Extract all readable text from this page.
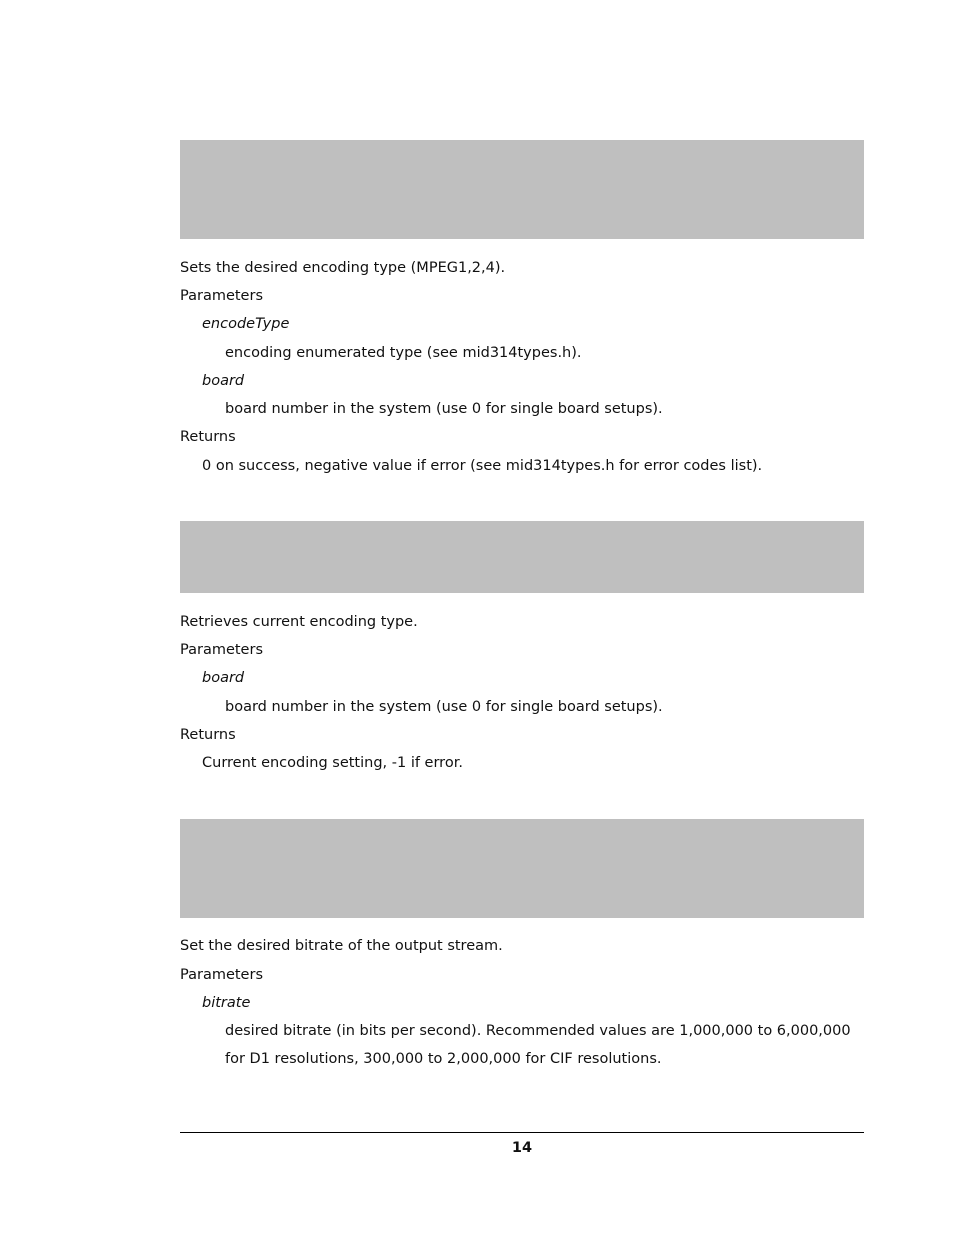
Sets the desired encoding type (MPEG1,2,4).
Parameters
encodeType
encoding enumerated type (see mid314types.h).
board
board number in the system (use 0 for single board setups).
Returns
0 on success, negative value if error (see mid314types.h for error codes list).
Retrieves current encoding type.
Parameters
board
board number in the system (use 0 for single board setups).
Returns
Current encoding setting, -1 if error.
Set the desired bitrate of the output stream.
Parameters
bitrate
desired bitrate (in bits per second). Recommended values are 1,000,000 to 6,000,000 for D1 resolutions, 300,000 to 2,000,000 for CIF resolutions.
14
